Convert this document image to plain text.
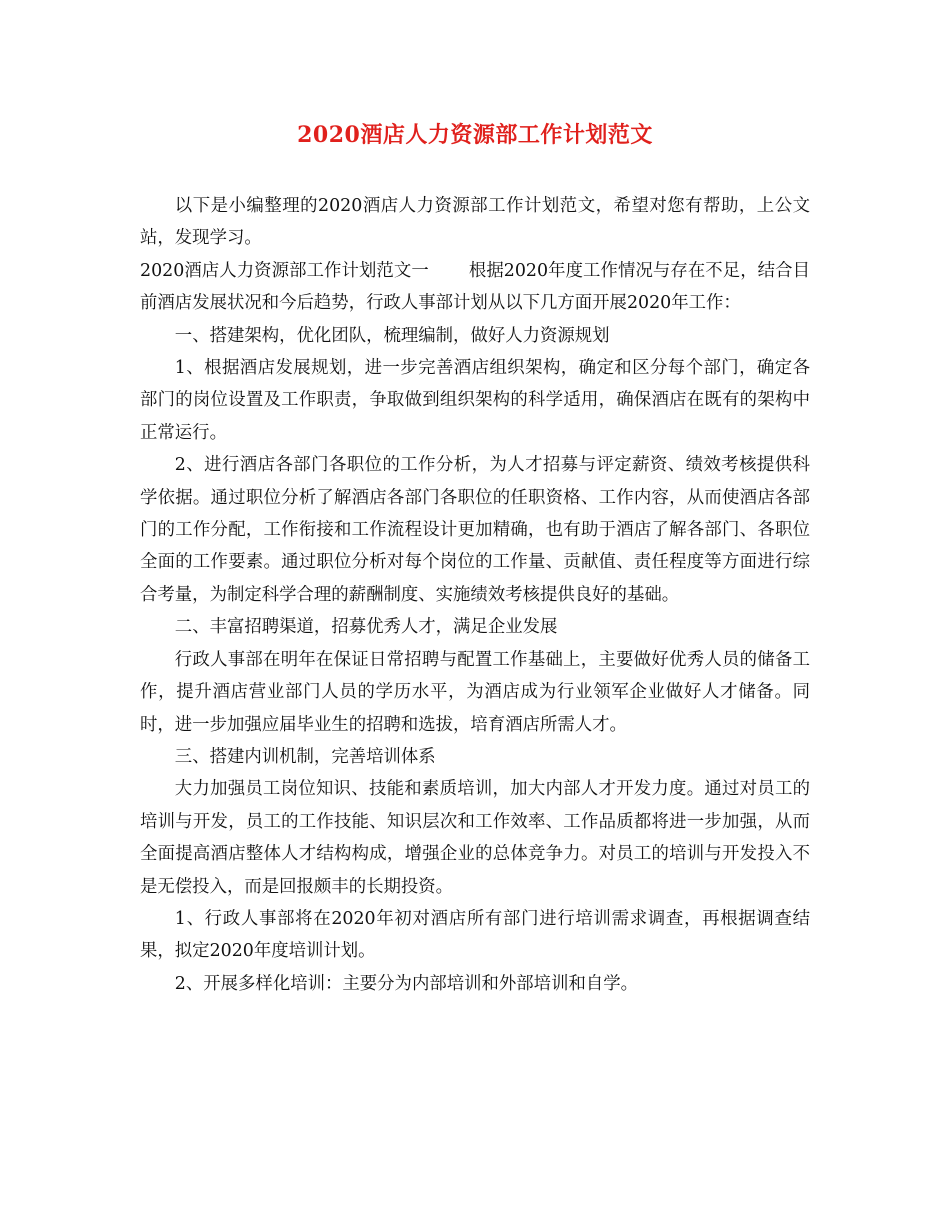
2020酒店人力资源部工作计划范文

以下是小编整理的2020酒店人力资源部工作计划范文，希望对您有帮助，上公文站，发现学习。

2020酒店人力资源部工作计划范文一 根据2020年度工作情况与存在不足，结合目前酒店发展状况和今后趋势，行政人事部计划从以下几方面开展2020年工作：

一、搭建架构，优化团队，梳理编制，做好人力资源规划

1、根据酒店发展规划，进一步完善酒店组织架构，确定和区分每个部门，确定各部门的岗位设置及工作职责，争取做到组织架构的科学适用，确保酒店在既有的架构中正常运行。

2、进行酒店各部门各职位的工作分析，为人才招募与评定薪资、绩效考核提供科学依据。通过职位分析了解酒店各部门各职位的任职资格、工作内容，从而使酒店各部门的工作分配，工作衔接和工作流程设计更加精确，也有助于酒店了解各部门、各职位全面的工作要素。通过职位分析对每个岗位的工作量、贡献值、责任程度等方面进行综合考量，为制定科学合理的薪酬制度、实施绩效考核提供良好的基础。

二、丰富招聘渠道，招募优秀人才，满足企业发展

行政人事部在明年在保证日常招聘与配置工作基础上，主要做好优秀人员的储备工作，提升酒店营业部门人员的学历水平，为酒店成为行业领军企业做好人才储备。同时，进一步加强应届毕业生的招聘和选拔，培育酒店所需人才。

三、搭建内训机制，完善培训体系

大力加强员工岗位知识、技能和素质培训，加大内部人才开发力度。通过对员工的培训与开发，员工的工作技能、知识层次和工作效率、工作品质都将进一步加强，从而全面提高酒店整体人才结构构成，增强企业的总体竞争力。对员工的培训与开发投入不是无偿投入，而是回报颇丰的长期投资。

1、行政人事部将在2020年初对酒店所有部门进行培训需求调查，再根据调查结果，拟定2020年度培训计划。

2、开展多样化培训：主要分为内部培训和外部培训和自学。
